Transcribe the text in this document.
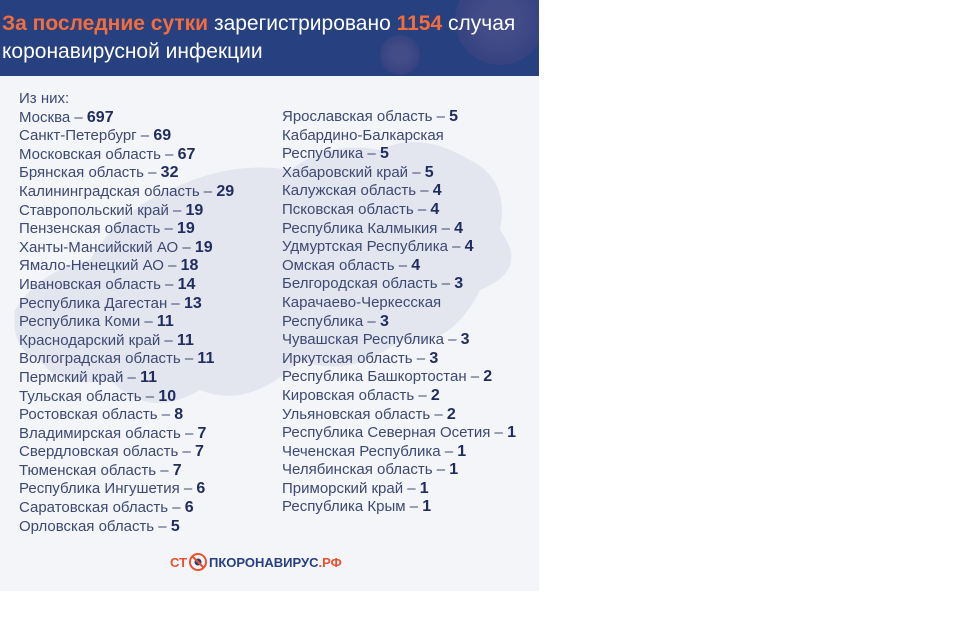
За последние сутки зарегистрировано 1154 случая
коронавирусной инфекции
Из них:
Москва – 697
Санкт-Петербург – 69
Московская область – 67
Брянская область – 32
Калининградская область – 29
Ставропольский край – 19
Пензенская область – 19
Ханты-Мансийский АО – 19
Ямало-Ненецкий АО – 18
Ивановская область – 14
Республика Дагестан – 13
Республика Коми – 11
Краснодарский край – 11
Волгоградская область – 11
Пермский край – 11
Тульская область – 10
Ростовская область – 8
Владимирская область – 7
Свердловская область – 7
Тюменская область – 7
Республика Ингушетия – 6
Саратовская область – 6
Орловская область – 5
Ярославская область – 5
Кабардино-Балкарская
Республика – 5
Хабаровский край – 5
Калужская область – 4
Псковская область – 4
Республика Калмыкия – 4
Удмуртская Республика – 4
Омская область – 4
Белгородская область – 3
Карачаево-Черкесская
Республика – 3
Чувашская Республика – 3
Иркутская область – 3
Республика Башкортостан – 2
Кировская область – 2
Ульяновская область – 2
Республика Северная Осетия – 1
Чеченская Республика – 1
Челябинская область – 1
Приморский край – 1
Республика Крым – 1
СТ ПКОРОНАВИРУС .РФ
